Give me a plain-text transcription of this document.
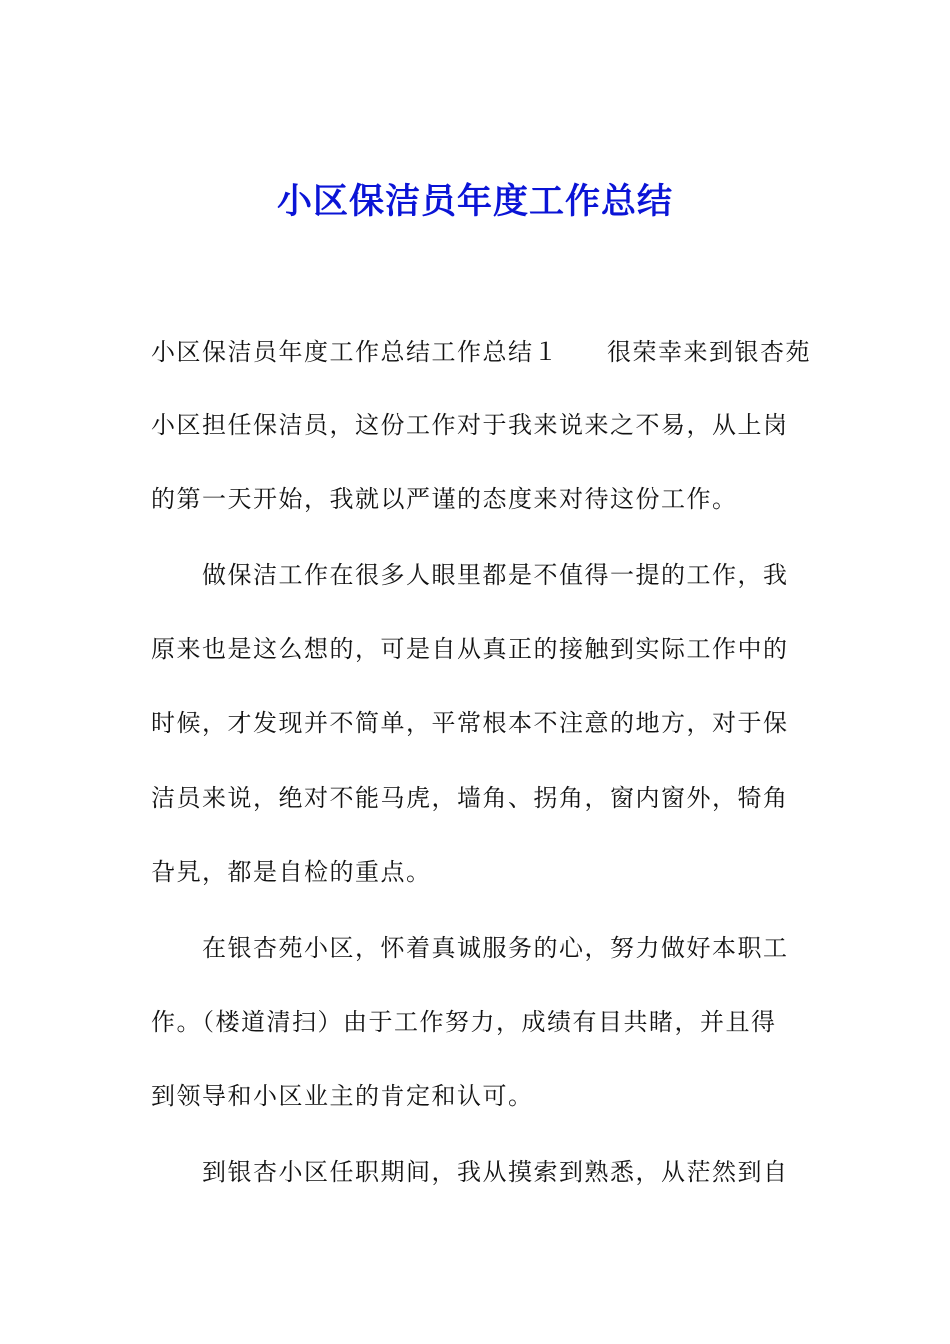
小区保洁员年度工作总结
小区保洁员年度工作总结工作总结１ 很荣幸来到银杏苑
小区担任保洁员，这份工作对于我来说来之不易，从上岗
的第一天开始，我就以严谨的态度来对待这份工作。
做保洁工作在很多人眼里都是不值得一提的工作，我
原来也是这么想的，可是自从真正的接触到实际工作中的
时候，才发现并不简单，平常根本不注意的地方，对于保
洁员来说，绝对不能马虎，墙角、拐角，窗内窗外，犄角
旮旯，都是自检的重点。
在银杏苑小区，怀着真诚服务的心，努力做好本职工
作。（楼道清扫）由于工作努力，成绩有目共睹，并且得
到领导和小区业主的肯定和认可。
到银杏小区任职期间，我从摸索到熟悉，从茫然到自
